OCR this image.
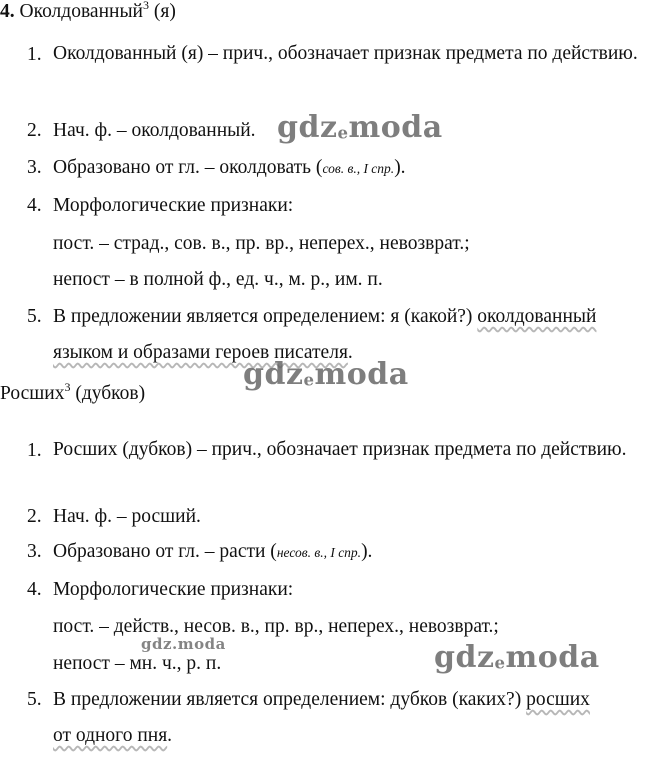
4. Околдованный$^3$ (я)
1. Околдованный (я) – прич., обозначает признак предмета по действию.
2. Нач. ф. – околдованный.
3. Образовано от гл. – околдовать (сов. в., I спр.).
4. Морфологические признаки:
пост. – страд., сов. в., пр. вр., неперех., невозврат.;
непост – в полной ф., ед. ч., м. р., им. п.
5. В предложении является определением: я (какой?) околдованный
языком и образами героев писателя.
Росших$^3$ (дубков)
1. Росших (дубков) – прич., обозначает признак предмета по действию.
2. Нач. ф. – росший.
3. Образовано от гл. – расти (несов. в., I спр.).
4. Морфологические признаки:
пост. – действ., несов. в., пр. вр., неперех., невозврат.;
непост – мн. ч., р. п.
5. В предложении является определением: дубков (каких?) росших
от одного пня.
gdzemoda
gdzemoda
gdz.moda	gdzemoda
